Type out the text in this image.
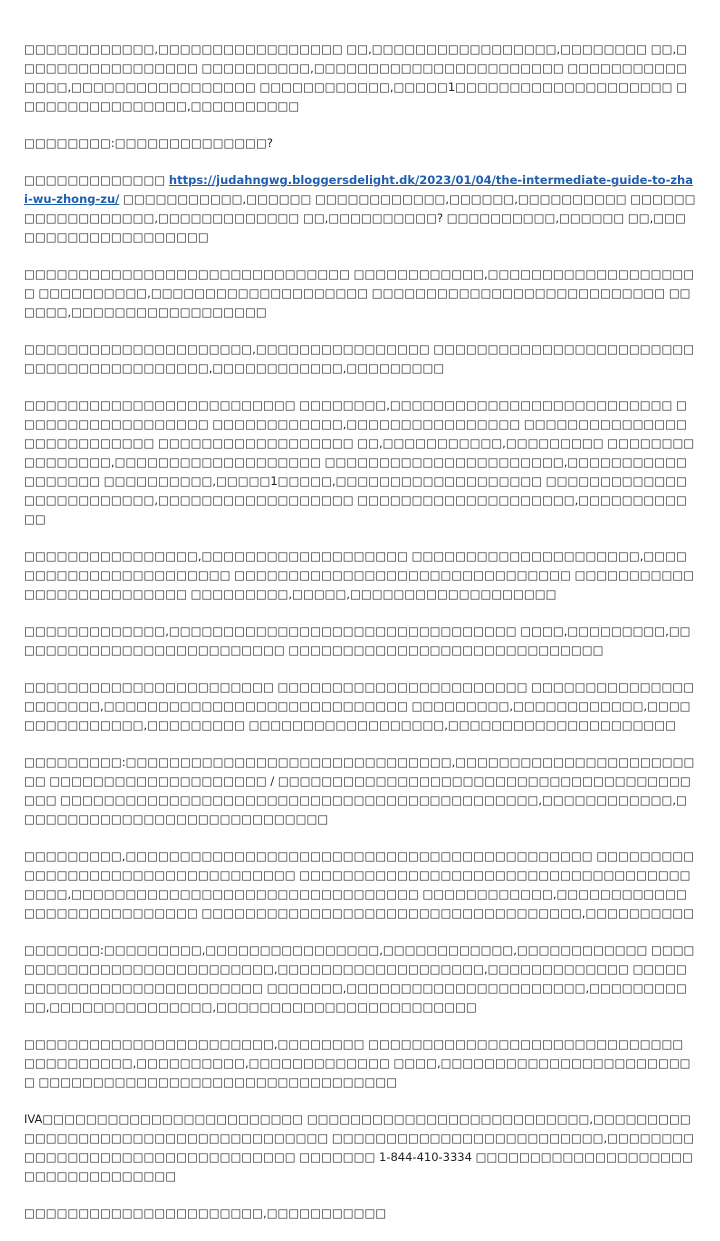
□□□□□□□□□□□□,□□□□□□□□□□□□□□□□□ □□,□□□□□□□□□□□□□□□□□,□□□□□□□□ □□,□□□□□□□□□□□□□□□□□ □□□□□□□□□□,□□□□□□□□□□□□□□□□□□□□□□□ □□□□□□□□□□□□□□□,□□□□□□□□□□□□□□□□□ □□□□□□□□□□□□,□□□□□1□□□□□□□□□□□□□□□□□□□□ □□□□□□□□□□□□□□□□,□□□□□□□□□□

□□□□□□□□:□□□□□□□□□□□□□□?

□□□□□□□□□□□□□ https://judahngwg.bloggersdelight.dk/2023/01/04/the-intermediate-guide-to-zhai-wu-zhong-zu/ □□□□□□□□□□□,□□□□□□ □□□□□□□□□□□□,□□□□□□,□□□□□□□□□□ □□□□□□□□□□□□□□□□□□,□□□□□□□□□□□□□ □□,□□□□□□□□□□? □□□□□□□□□□,□□□□□□ □□,□□□□□□□□□□□□□□□□□□□□

□□□□□□□□□□□□□□□□□□□□□□□□□□□□□□ □□□□□□□□□□□□,□□□□□□□□□□□□□□□□□□□□ □□□□□□□□□□,□□□□□□□□□□□□□□□□□□□□ □□□□□□□□□□□□□□□□□□□□□□□□□□□ □□□□□□,□□□□□□□□□□□□□□□□□□

□□□□□□□□□□□□□□□□□□□□□,□□□□□□□□□□□□□□□□ □□□□□□□□□□□□□□□□□□□□□□□□ □□□□□□□□□□□□□□□□□,□□□□□□□□□□□□,□□□□□□□□□

□□□□□□□□□□□□□□□□□□□□□□□□□ □□□□□□□□,□□□□□□□□□□□□□□□□□□□□□□□□□□ □□□□□□□□□□□□□□□□□□ □□□□□□□□□□□□,□□□□□□□□□□□□□□□□ □□□□□□□□□□□□□□□□□□□□□□□□□□□ □□□□□□□□□□□□□□□□□□ □□,□□□□□□□□□□□,□□□□□□□□□ □□□□□□□□□□□□□□□□,□□□□□□□□□□□□□□□□□□□ □□□□□□□□□□□□□□□□□□□□□□,□□□□□□□□□□□□□□□□□□ □□□□□□□□□□,□□□□□1□□□□□,□□□□□□□□□□□□□□□□□□□ □□□□□□□□□□□□□□□□□□□□□□□□□,□□□□□□□□□□□□□□□□□□ □□□□□□□□□□□□□□□□□□□□,□□□□□□□□□□□□

□□□□□□□□□□□□□□□□,□□□□□□□□□□□□□□□□□□□ □□□□□□□□□□□□□□□□□□□□□,□□□□□□□□□□□□□□□□□□□□□□□ □□□□□□□□□□□□□□□□□□□□□□□□□□□□□□□ □□□□□□□□□□□□□□□□□□□□□□□□□□ □□□□□□□□□,□□□□□,□□□□□□□□□□□□□□□□□□□

□□□□□□□□□□□□□,□□□□□□□□□□□□□□□□□□□□□□□□□□□□□□□□ □□□□,□□□□□□□□□,□□□□□□□□□□□□□□□□□□□□□□□□□□ □□□□□□□□□□□□□□□□□□□□□□□□□□□□□

□□□□□□□□□□□□□□□□□□□□□□□ □□□□□□□□□□□□□□□□□□□□□□□ □□□□□□□□□□□□□□□□□□□□□□,□□□□□□□□□□□□□□□□□□□□□□□□□□□□ □□□□□□□□□,□□□□□□□□□□□□,□□□□□□□□□□□□□□□,□□□□□□□□□ □□□□□□□□□□□□□□□□□□,□□□□□□□□□□□□□□□□□□□□□

□□□□□□□□□:□□□□□□□□□□□□□□□□□□□□□□□□□□□□□□,□□□□□□□□□□□□□□□□□□□□□□□□ □□□□□□□□□□□□□□□□□□□□ / □□□□□□□□□□□□□□□□□□□□□□□□□□□□□□□□□□□□□□□□□ □□□□□□□□□□□□□□□□□□□□□□□□□□□□□□□□□□□□□□□□□□□□,□□□□□□□□□□□□,□□□□□□□□□□□□□□□□□□□□□□□□□□□□□

□□□□□□□□□,□□□□□□□□□□□□□□□□□□□□□□□□□□□□□□□□□□□□□□□□□□□ □□□□□□□□□□□□□□□□□□□□□□□□□□□□□□□□□□ □□□□□□□□□□□□□□□□□□□□□□□□□□□□□□□□□□□□ □□□□,□□□□□□□□□□□□□□□□□□□□□□□□□□□□□□□□ □□□□□□□□□□□□,□□□□□□□□□□□□□□□□□□□□□□□□□□□□ □□□□□□□□□□□□□□□□□□□□□□□□□□□□□□□□□□□,□□□□□□□□□□

□□□□□□□:□□□□□□□□□,□□□□□□□□□□□□□□□□,□□□□□□□□□□□□,□□□□□□□□□□□□ □□□□□□□□□□□□□□□□□□□□□□□□□□□,□□□□□□□□□□□□□□□□□□□,□□□□□□□□□□□□□ □□□□□□□□□□□□□□□□□□□□□□□□□□□ □□□□□□□,□□□□□□□□□□□□□□□□□□□□□□,□□□□□□□□□□□,□□□□□□□□□□□□□□□,□□□□□□□□□□□□□□□□□□□□□□□□

□□□□□□□□□□□□□□□□□□□□□□□,□□□□□□□□ □□□□□□□□□□□□□□□□□□□□□□□□□□□□□ □□□□□□□□□□,□□□□□□□□□□,□□□□□□□□□□□□□ □□□□,□□□□□□□□□□□□□□□□□□□□□□□□ □□□□□□□□□□□□□□□□□□□□□□□□□□□□□□□□□

IVA□□□□□□□□□□□□□□□□□□□□□□□□ □□□□□□□□□□□□□□□□□□□□□□□□□□,□□□□□□□□□□□□□□□□□□□□□□□□□□□□□□□□□□□□□ □□□□□□□□□□□□□□□□□□□□□□□□□,□□□□□□□□□□□□□□□□□□□□□□□□□□□□□□□□□ □□□□□□□ 1-844-410-3334 □□□□□□□□□□□□□□□□□□□□□□□□□□□□□□□□□□

□□□□□□□□□□□□□□□□□□□□□□,□□□□□□□□□□□
